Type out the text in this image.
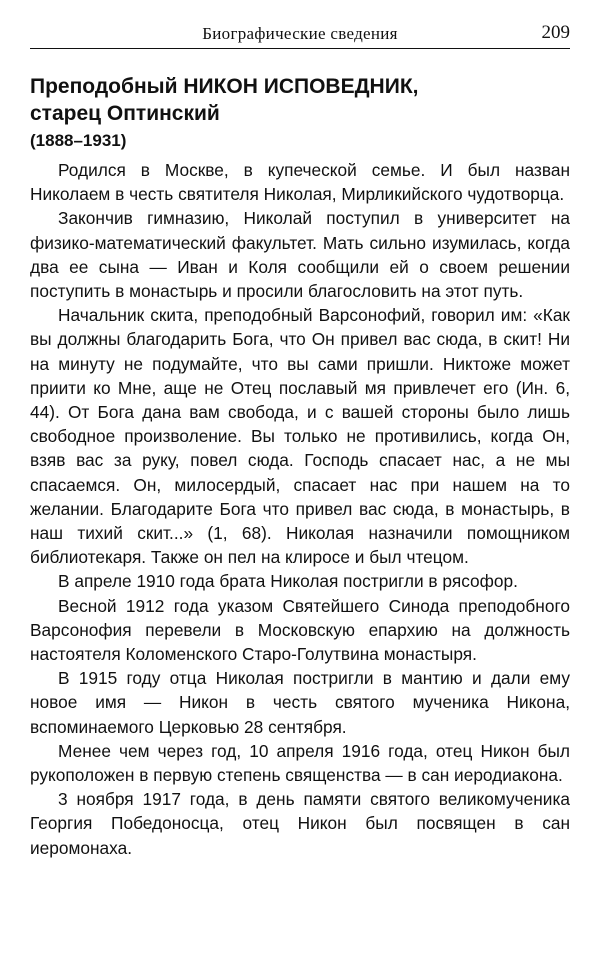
Биографические сведения	209
Преподобный НИКОН ИСПОВЕДНИК,
старец Оптинский
(1888–1931)

Родился в Москве, в купеческой семье. И был назван Николаем в честь святителя Николая, Мирликийского чудотворца.

Закончив гимназию, Николай поступил в университет на физико-математический факультет. Мать сильно изумилась, когда два ее сына — Иван и Коля сообщили ей о своем решении поступить в монастырь и просили благословить на этот путь.

Начальник скита, преподобный Варсонофий, говорил им: «Как вы должны благодарить Бога, что Он привел вас сюда, в скит! Ни на минуту не подумайте, что вы сами пришли. Никтоже может приити ко Мне, аще не Отец пославый мя привлечет его (Ин. 6, 44). От Бога дана вам свобода, и с вашей стороны было лишь свободное произволение. Вы только не противились, когда Он, взяв вас за руку, повел сюда. Господь спасает нас, а не мы спасаемся. Он, милосердый, спасает нас при нашем на то желании. Благодарите Бога что привел вас сюда, в монастырь, в наш тихий скит...» (1, 68). Николая назначили помощником библиотекаря. Также он пел на клиросе и был чтецом.

В апреле 1910 года брата Николая постригли в рясофор.

Весной 1912 года указом Святейшего Синода преподобного Варсонофия перевели в Московскую епархию на должность настоятеля Коломенского Старо-Голутвина монастыря.

В 1915 году отца Николая постригли в мантию и дали ему новое имя — Никон в честь святого мученика Никона, вспоминаемого Церковью 28 сентября.

Менее чем через год, 10 апреля 1916 года, отец Никон был рукоположен в первую степень священства — в сан иеродиакона.

3 ноября 1917 года, в день памяти святого великомученика Георгия Победоносца, отец Никон был посвящен в сан иеромонаха.
